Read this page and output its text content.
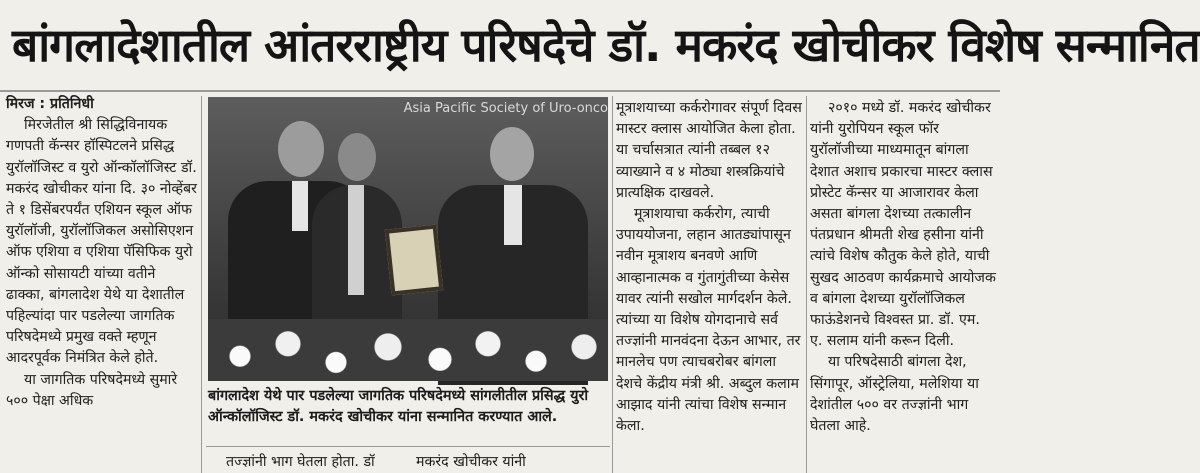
बांगलादेशातील आंतरराष्ट्रीय परिषदेचे डॉ. मकरंद खोचीकर विशेष सन्मानित

मिरज : प्रतिनिधी

मिरजेतील श्री सिद्धिविनायक गणपती कॅन्सर हॉस्पिटलने प्रसिद्ध युरॉलॉजिस्ट व युरो ऑन्कॉलॉजिस्ट डॉ. मकरंद खोचीकर यांना दि. ३० नोव्हेंबर ते १ डिसेंबरपर्यंत एशियन स्कूल ऑफ युरॉलॉजी, युरॉलॉजिकल असोसिएशन ऑफ एशिया व एशिया पॅसिफिक युरो ऑन्को सोसायटी यांच्या वतीने ढाक्का, बांगलादेश येथे या देशातील पहिल्यांदा पार पडलेल्या जागतिक परिषदेमध्ये प्रमुख वक्ते म्हणून आदरपूर्वक निमंत्रित केले होते.

या जागतिक परिषदेमध्ये सुमारे ५०० पेक्षा अधिक

Asia Pacific Society of Uro-onco
बांगलादेश येथे पार पडलेल्या जागतिक परिषदेमध्ये सांगलीतील प्रसिद्ध युरो ऑन्कॉलॉजिस्ट डॉ. मकरंद खोचीकर यांना सन्मानित करण्यात आले.
तज्ज्ञांनी भाग घेतला होता. डॉ	मकरंद खोचीकर यांनी

मूत्राशयाच्या कर्करोगावर संपूर्ण दिवस मास्टर क्लास आयोजित केला होता. या चर्चासत्रात त्यांनी तब्बल १२ व्याख्याने व ४ मोठ्या शस्त्रक्रियांचे प्रात्यक्षिक दाखवले.

मूत्राशयाचा कर्करोग, त्याची उपाययोजना, लहान आतड्यांपासून नवीन मूत्राशय बनवणे आणि आव्हानात्मक व गुंतागुंतीच्या केसेस यावर त्यांनी सखोल मार्गदर्शन केले. त्यांच्या या विशेष योगदानाचे सर्व तज्ज्ञांनी मानवंदना देऊन आभार, तर मानलेच पण त्याचबरोबर बांगला देशचे केंद्रीय मंत्री श्री. अब्दुल कलाम आझाद यांनी त्यांचा विशेष सन्मान केला.

२०१० मध्ये डॉ. मकरंद खोचीकर यांनी युरोपियन स्कूल फॉर युरॉलॉजीच्या माध्यमातून बांगला देशात अशाच प्रकारचा मास्टर क्लास प्रोस्टेट कॅन्सर या आजारावर केला असता बांगला देशच्या तत्कालीन पंतप्रधान श्रीमती शेख हसीना यांनी त्यांचे विशेष कौतुक केले होते, याची सुखद आठवण कार्यक्रमाचे आयोजक व बांगला देशच्या युरॉलॉजिकल फाऊंडेशनचे विश्वस्त प्रा. डॉ. एम. ए. सलाम यांनी करून दिली.

या परिषदेसाठी बांगला देश, सिंगापूर, ऑस्ट्रेलिया, मलेशिया या देशांतील ५०० वर तज्ज्ञांनी भाग घेतला आहे.
